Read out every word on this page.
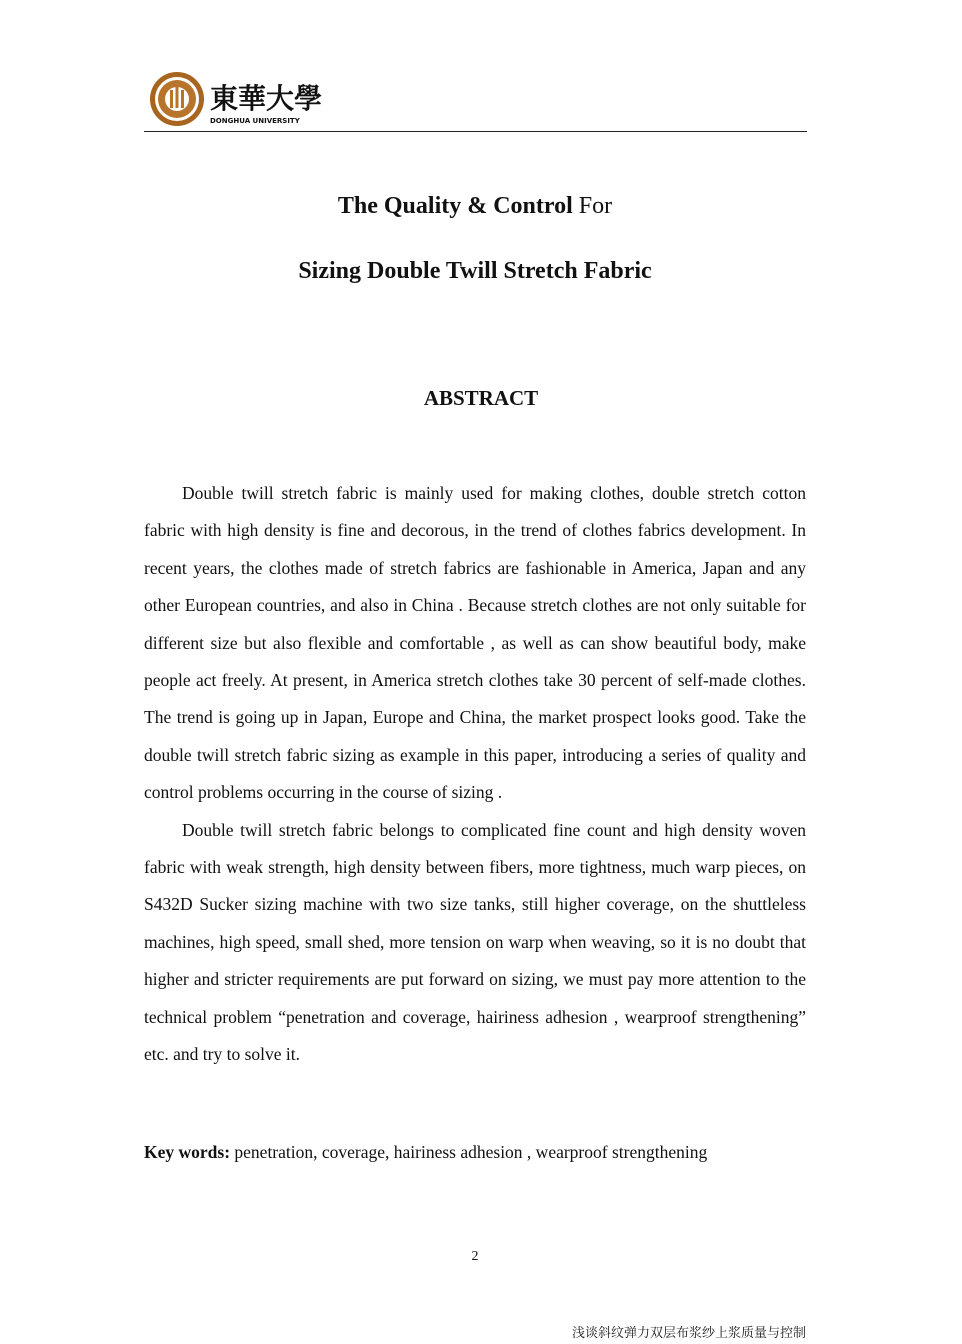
東華大學
DONGHUA UNIVERSITY
浅谈斜纹弹力双层布浆纱上浆质量与控制
The Quality & Control For
Sizing Double Twill Stretch Fabric
ABSTRACT

Double twill stretch fabric is mainly used for making clothes, double stretch cotton fabric with high density is fine and decorous, in the trend of clothes fabrics development. In recent years, the clothes made of stretch fabrics are fashionable in America, Japan and any other European countries, and also in China . Because stretch clothes are not only suitable for different size but also flexible and comfortable , as well as can show beautiful body, make people act freely. At present, in America stretch clothes take 30 percent of self-made clothes. The trend is going up in Japan, Europe and China, the market prospect looks good. Take the double twill stretch fabric sizing as example in this paper, introducing a series of quality and control problems occurring in the course of sizing .

Double twill stretch fabric belongs to complicated fine count and high density woven fabric with weak strength, high density between fibers, more tightness, much warp pieces, on S432D Sucker sizing machine with two size tanks, still higher coverage, on the shuttleless machines, high speed, small shed, more tension on warp when weaving, so it is no doubt that higher and stricter requirements are put forward on sizing, we must pay more attention to the technical problem “penetration and coverage, hairiness adhesion , wearproof strengthening” etc. and try to solve it.

Key words: penetration, coverage, hairiness adhesion , wearproof strengthening
2
